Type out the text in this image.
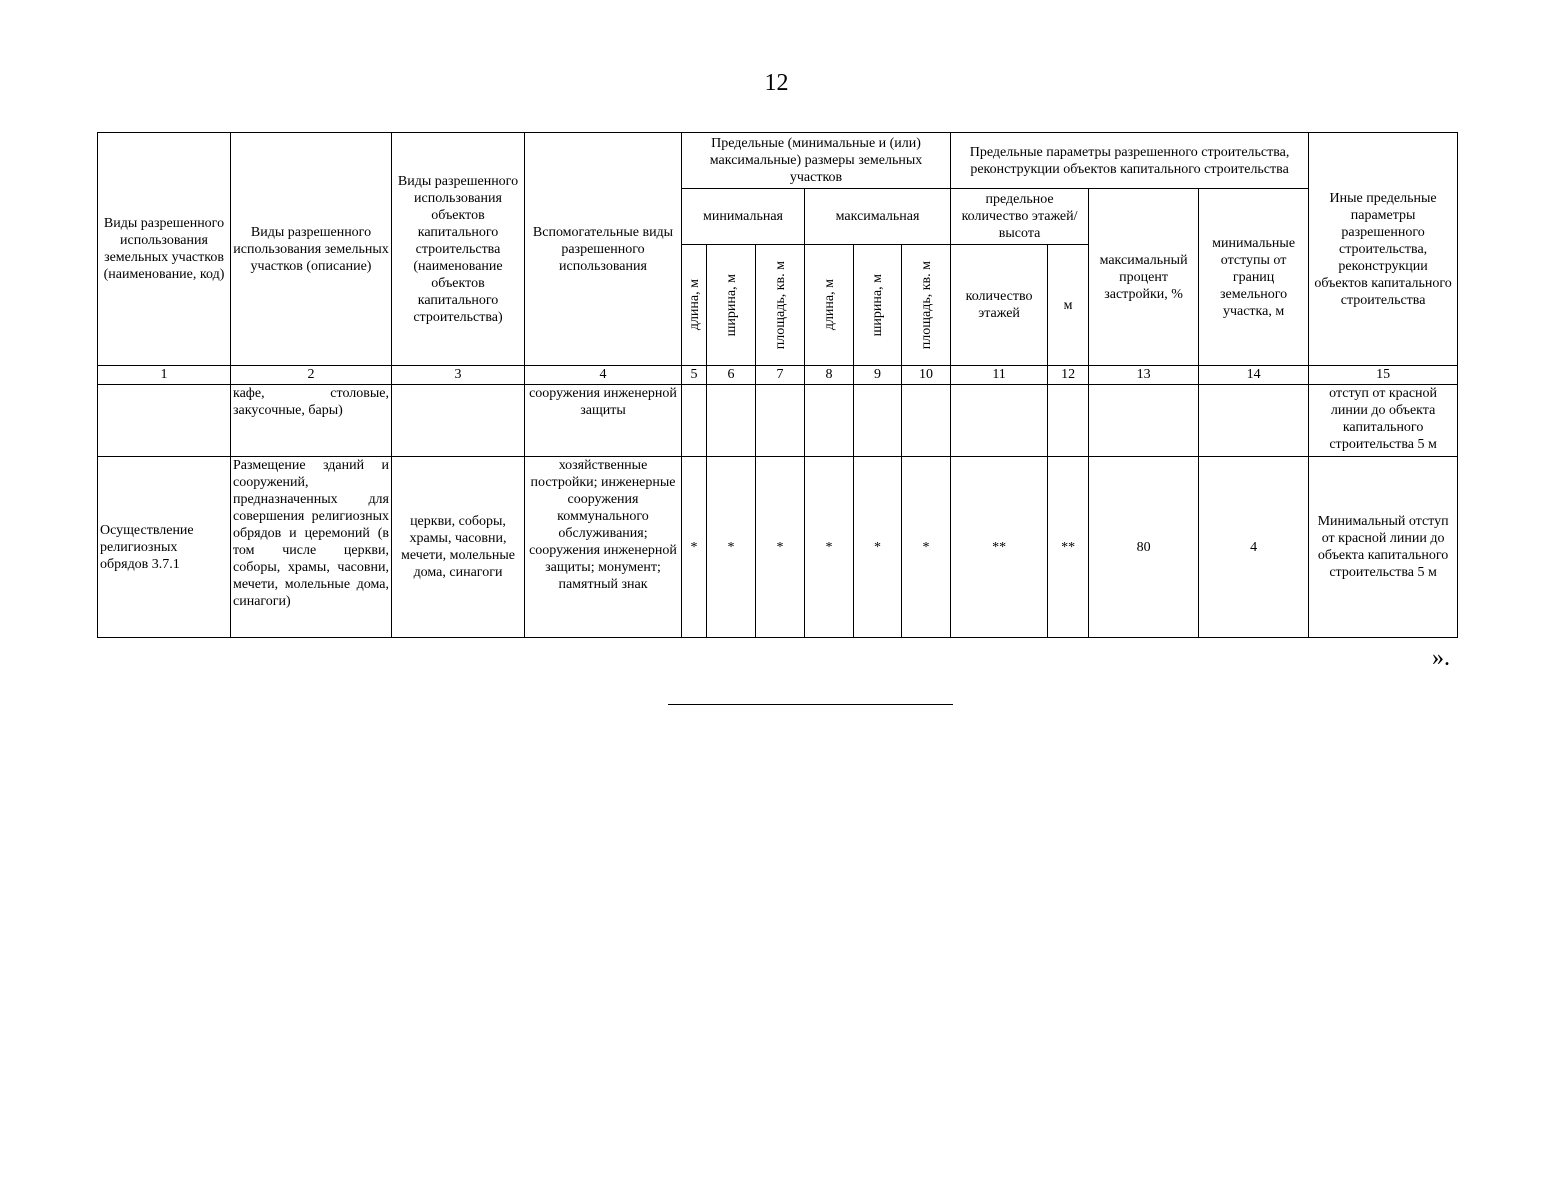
12
Виды разрешенного использования земельных участков (наименование, код)	Виды разрешенного использования земельных участков (описание)	Виды разрешенного использования объектов капитального строительства (наименование объектов капитального строительства)	Вспомогательные виды разрешенного использования	Предельные (минимальные и (или) максимальные) размеры земельных участков						Предельные параметры разрешенного строительства, реконструкции объектов капитального строительства				Иные предельные параметры разрешенного строительства, реконструкции объектов капитального строительства
				минимальная			максимальная			предельное количество этажей/высота		максимальный процент застройки, %	минимальные отступы от границ земельного участка, м	

				длина, м	ширина, м	площадь, кв. м	длина, м	ширина, м	площадь, кв. м	количество этажей	м			
1	2	3	4	5	6	7	8	9	10	11	12	13	14	15
	кафе, столовые, закусочные, бары)		сооружения инженерной защиты											отступ от красной линии до объекта капитального строительства 5 м
Осуществление религиозных обрядов 3.7.1	Размещение зданий и сооружений, предназначенных для совершения религиозных обрядов и церемоний (в том числе церкви, соборы, храмы, часовни, мечети, молельные дома, синагоги)	церкви, соборы, храмы, часовни, мечети, молельные дома, синагоги	хозяйственные постройки; инженерные сооружения коммунального обслуживания; сооружения инженерной защиты; монумент; памятный знак	*	*	*	*	*	*	**	**	80	4	Минимальный отступ от красной линии до объекта капитального строительства 5 м
».
